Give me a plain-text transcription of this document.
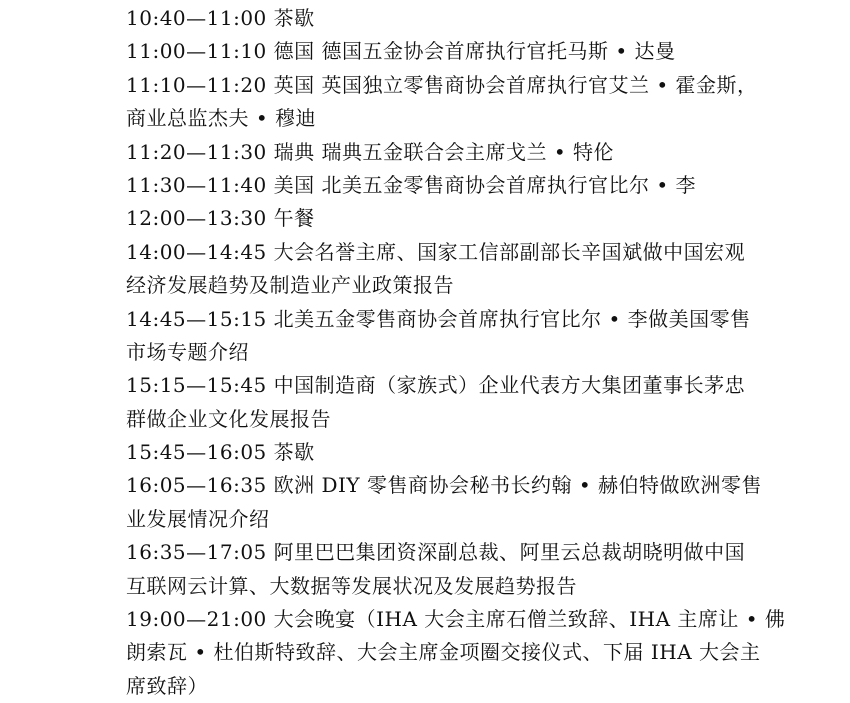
10:40—11:00 茶歇
11:00—11:10 德国 德国五金协会首席执行官托马斯 • 达曼
11:10—11:20 英国 英国独立零售商协会首席执行官艾兰 • 霍金斯，
商业总监杰夫 • 穆迪
11:20—11:30 瑞典 瑞典五金联合会主席戈兰 • 特伦
11:30—11:40 美国 北美五金零售商协会首席执行官比尔 • 李
12:00—13:30 午餐
14:00—14:45 大会名誉主席、国家工信部副部长辛国斌做中国宏观
经济发展趋势及制造业产业政策报告
14:45—15:15 北美五金零售商协会首席执行官比尔 • 李做美国零售
市场专题介绍
15:15—15:45 中国制造商（家族式）企业代表方大集团董事长茅忠
群做企业文化发展报告
15:45—16:05 茶歇
16:05—16:35 欧洲 DIY 零售商协会秘书长约翰 • 赫伯特做欧洲零售
业发展情况介绍
16:35—17:05 阿里巴巴集团资深副总裁、阿里云总裁胡晓明做中国
互联网云计算、大数据等发展状况及发展趋势报告
19:00—21:00 大会晚宴（IHA 大会主席石僧兰致辞、IHA 主席让 • 佛
朗索瓦 • 杜伯斯特致辞、大会主席金项圈交接仪式、下届 IHA 大会主
席致辞）
